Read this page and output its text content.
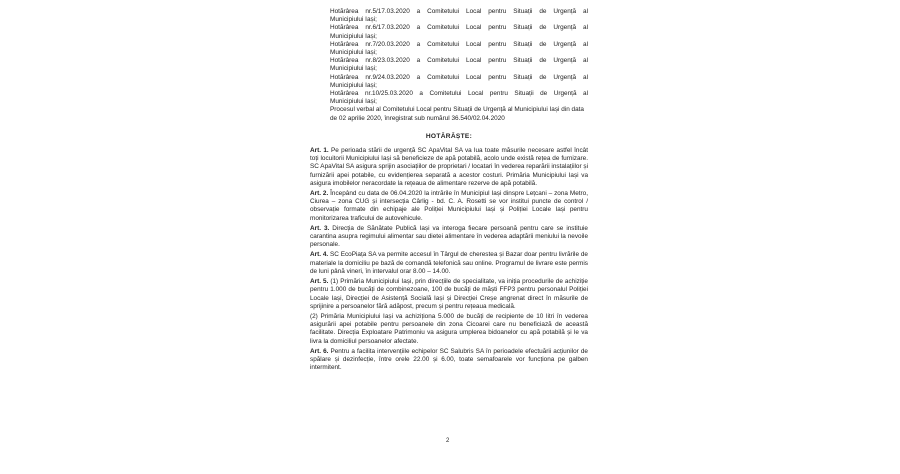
Hotărârea nr.5/17.03.2020 a Comitetului Local pentru Situații de Urgență al
Municipiului Iași;

Hotărârea nr.6/17.03.2020 a Comitetului Local pentru Situații de Urgență al
Municipiului Iași;

Hotărârea nr.7/20.03.2020 a Comitetului Local pentru Situații de Urgență al
Municipiului Iași;

Hotărârea nr.8/23.03.2020 a Comitetului Local pentru Situații de Urgență al
Municipiului Iași;

Hotărârea nr.9/24.03.2020 a Comitetului Local pentru Situații de Urgență al
Municipiului Iași;

Hotărârea nr.10/25.03.2020 a Comitetului Local pentru Situații de Urgență al
Municipiului Iași;

Procesul verbal al Comitetului Local pentru Situații de Urgență al Municipiului Iași din data de 02 aprilie 2020, înregistrat sub numărul 36.540/02.04.2020

HOTĂRĂȘTE:

Art. 1. Pe perioada stării de urgență SC ApaVital SA va lua toate măsurile necesare astfel încât toți locuitorii Municipiului Iași să beneficieze de apă potabilă, acolo unde există rețea de furnizare. SC ApaVital SA asigura sprijin asociațiilor de proprietari / locatari în vederea reparării instalațiilor și furnizării apei potabile, cu evidențierea separată a acestor costuri. Primăria Municipiului Iași va asigura imobilelor neracordate la rețeaua de alimentare rezerve de apă potabilă.

Art. 2. Începând cu data de 06.04.2020 la intrările în Municipiul Iași dinspre Lețcani – zona Metro, Ciurea – zona CUG și intersecția Cârlig - bd. C. A. Rosetti se vor institui puncte de control / observație formate din echipaje ale Poliției Municipiului Iași și Poliției Locale Iași pentru monitorizarea traficului de autovehicule.

Art. 3. Direcția de Sănătate Publică Iași va interoga fiecare persoană pentru care se instituie carantina asupra regimului alimentar sau dietei alimentare în vederea adaptării meniului la nevoile personale.

Art. 4. SC EcoPiața SA va permite accesul în Târgul de cherestea și Bazar doar pentru livrările de materiale la domiciliu pe bază de comandă telefonică sau online. Programul de livrare este permis de luni până vineri, în intervalul orar 8.00 – 14.00.

Art. 5. (1) Primăria Municipiului Iași, prin direcțiile de specialitate, va iniția procedurile de achiziție pentru 1.000 de bucăți de combinezoane, 100 de bucăți de măști FFP3 pentru personalul Poliției Locale Iași, Direcției de Asistență Socială Iași și Direcției Creșe angrenat direct în măsurile de sprijinire a persoanelor fără adăpost, precum și pentru rețeaua medicală.

(2) Primăria Municipiului Iași va achiziționa 5.000 de bucăți de recipiente de 10 litri în vederea asigurării apei potabile pentru persoanele din zona Cicoarei care nu beneficiază de această facilitate. Direcția Exploatare Patrimoniu va asigura umplerea bidoanelor cu apă potabilă și le va livra la domiciliul persoanelor afectate.

Art. 6. Pentru a facilita intervențiile echipelor SC Salubris SA în perioadele efectuării acțiunilor de spălare și dezinfecție, între orele 22.00 și 6.00, toate semafoarele vor funcționa pe galben intermitent.

2
